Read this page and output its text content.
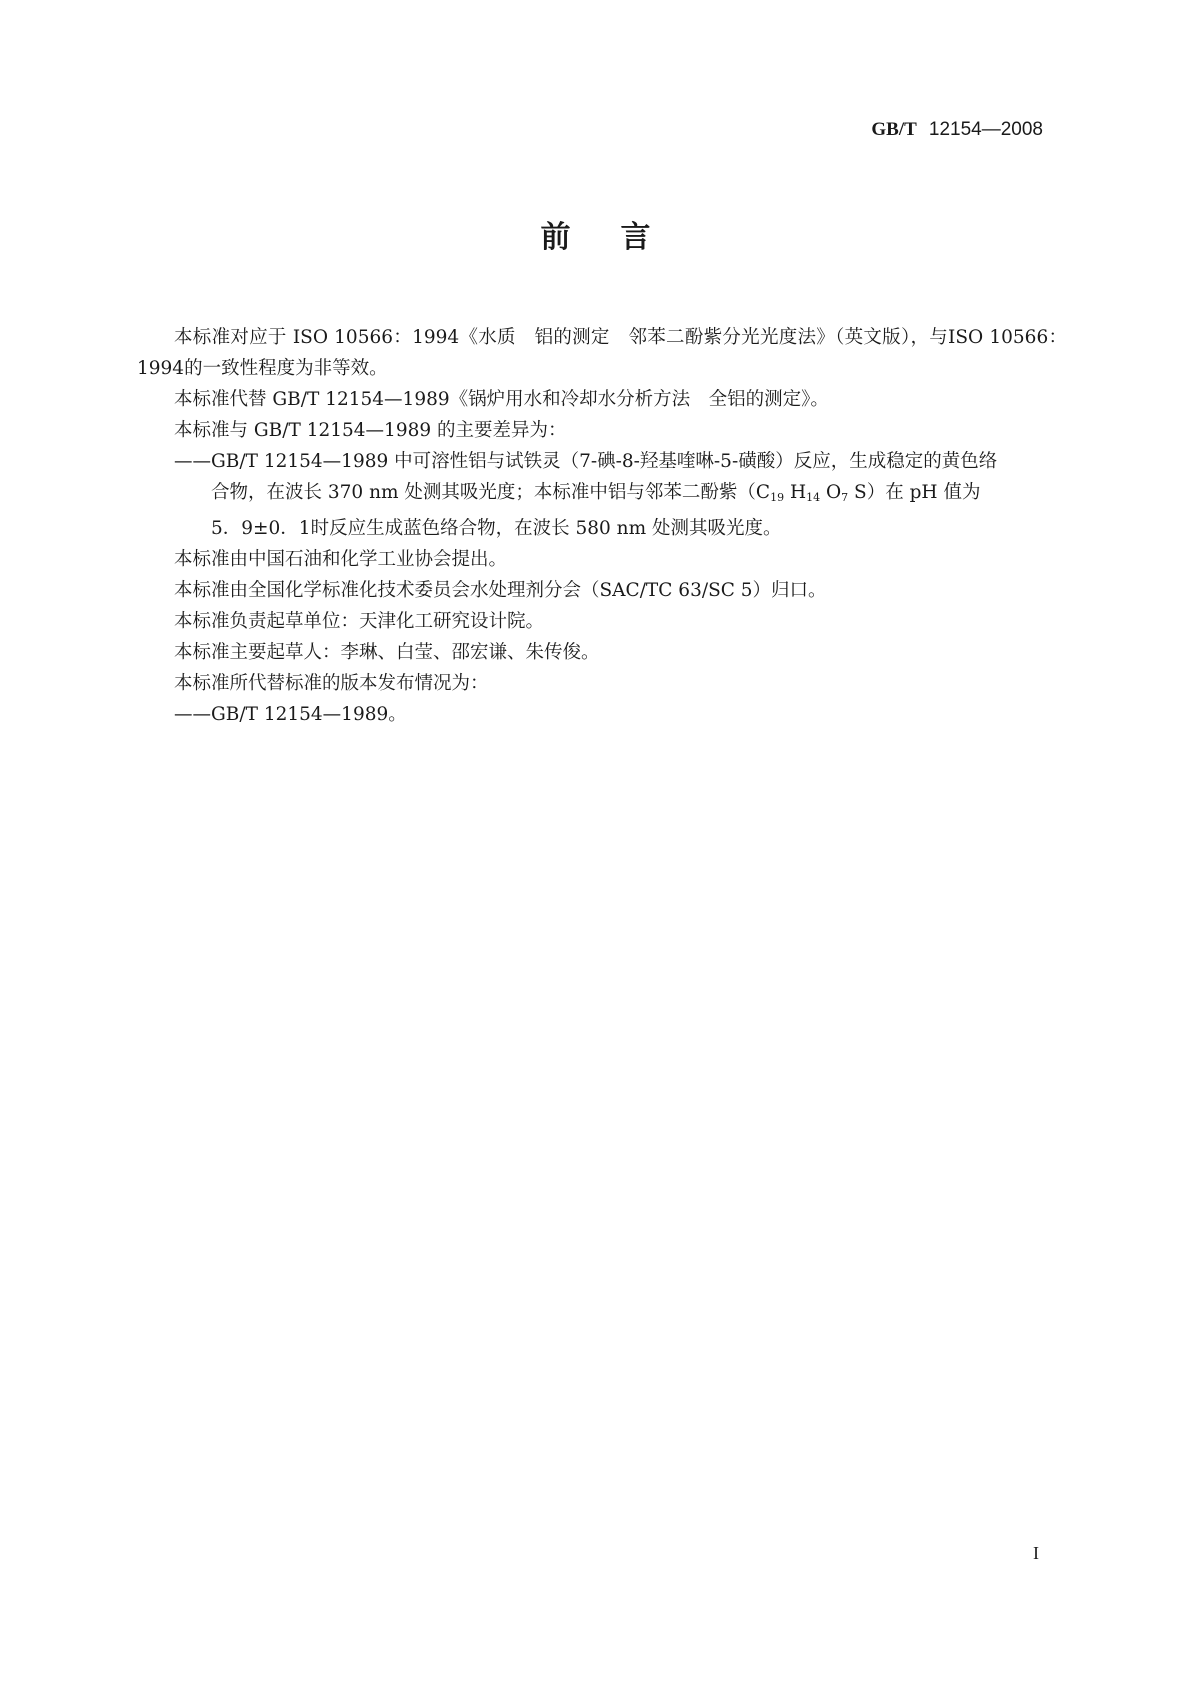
GB/T 12154—2008
前言

本标准对应于 ISO 10566：1994《水质　铝的测定　邻苯二酚紫分光光度法》（英文版），与ISO 10566：1994的一致性程度为非等效。

本标准代替 GB/T 12154—1989《锅炉用水和冷却水分析方法　全铝的测定》。

本标准与 GB/T 12154—1989 的主要差异为：

——GB/T 12154—1989 中可溶性铝与试铁灵（7-碘-8-羟基喹啉-5-磺酸）反应，生成稳定的黄色络
合物，在波长 370 nm 处测其吸光度；本标准中铝与邻苯二酚紫（$C_{19}$ $H_{14}$ $O_7$ S）在 pH 值为
5．9±0．1时反应生成蓝色络合物，在波长 580 nm 处测其吸光度。

本标准由中国石油和化学工业协会提出。

本标准由全国化学标准化技术委员会水处理剂分会（SAC/TC 63/SC 5）归口。

本标准负责起草单位：天津化工研究设计院。

本标准主要起草人：李琳、白莹、邵宏谦、朱传俊。

本标准所代替标准的版本发布情况为：

——GB/T 12154—1989。
I
